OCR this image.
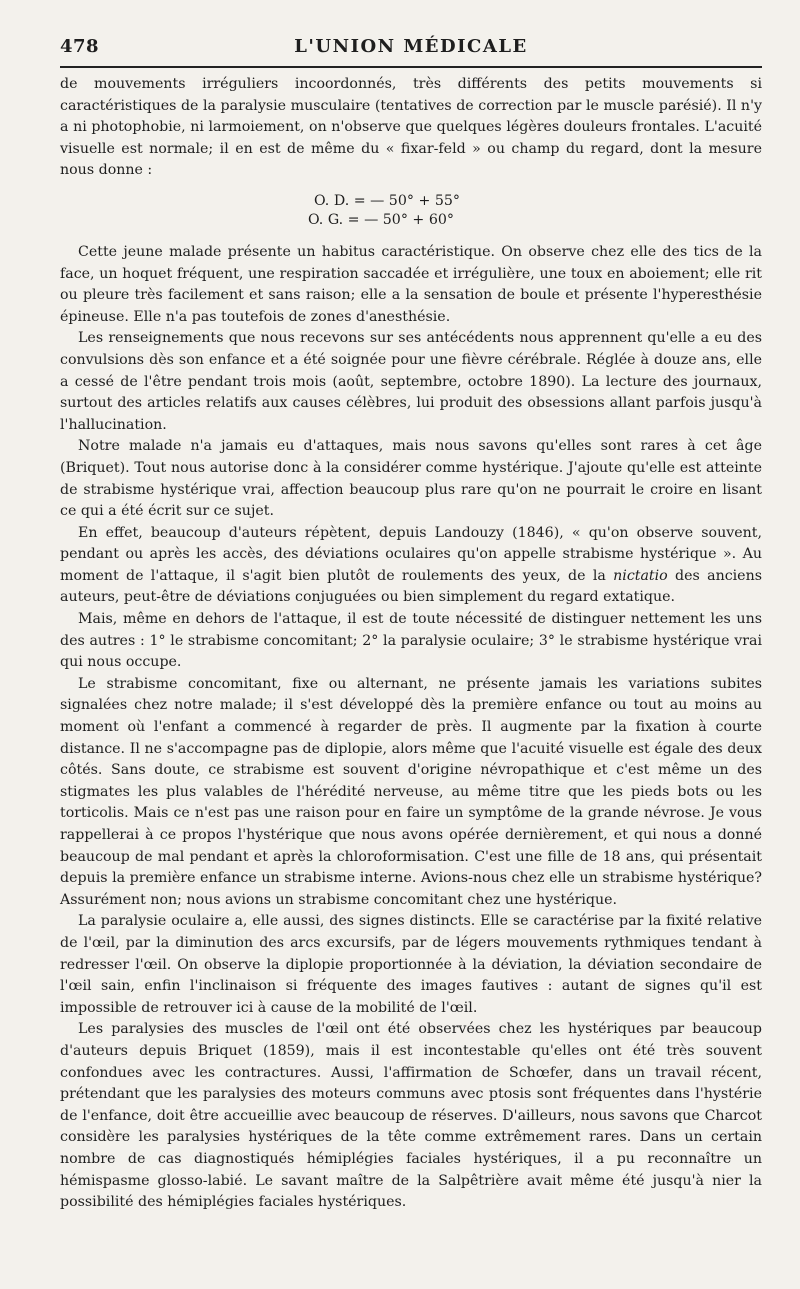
478	L'UNION MÉDICALE

de mouvements irréguliers incoordonnés, très différents des petits mouvements si caractéristiques de la paralysie musculaire (tentatives de correction par le muscle parésié). Il n'y a ni photophobie, ni larmoiement, on n'observe que quelques légères douleurs frontales. L'acuité visuelle est normale; il en est de même du « fixar-feld » ou champ du regard, dont la mesure nous donne :

O. D. = — 50° + 55°
O. G. = — 50° + 60°

Cette jeune malade présente un habitus caractéristique. On observe chez elle des tics de la face, un hoquet fréquent, une respiration saccadée et irrégulière, une toux en aboiement; elle rit ou pleure très facilement et sans raison; elle a la sensation de boule et présente l'hyperesthésie épineuse. Elle n'a pas toutefois de zones d'anesthésie.

Les renseignements que nous recevons sur ses antécédents nous apprennent qu'elle a eu des convulsions dès son enfance et a été soignée pour une fièvre cérébrale. Réglée à douze ans, elle a cessé de l'être pendant trois mois (août, septembre, octobre 1890). La lecture des journaux, surtout des articles relatifs aux causes célèbres, lui produit des obsessions allant parfois jusqu'à l'hallucination.

Notre malade n'a jamais eu d'attaques, mais nous savons qu'elles sont rares à cet âge (Briquet). Tout nous autorise donc à la considérer comme hystérique. J'ajoute qu'elle est atteinte de strabisme hystérique vrai, affection beaucoup plus rare qu'on ne pourrait le croire en lisant ce qui a été écrit sur ce sujet.

En effet, beaucoup d'auteurs répètent, depuis Landouzy (1846), « qu'on observe souvent, pendant ou après les accès, des déviations oculaires qu'on appelle strabisme hystérique ». Au moment de l'attaque, il s'agit bien plutôt de roulements des yeux, de la nictatio des anciens auteurs, peut-être de déviations conjuguées ou bien simplement du regard extatique.

Mais, même en dehors de l'attaque, il est de toute nécessité de distinguer nettement les uns des autres : 1° le strabisme concomitant; 2° la paralysie oculaire; 3° le strabisme hystérique vrai qui nous occupe.

Le strabisme concomitant, fixe ou alternant, ne présente jamais les variations subites signalées chez notre malade; il s'est développé dès la première enfance ou tout au moins au moment où l'enfant a commencé à regarder de près. Il augmente par la fixation à courte distance. Il ne s'accompagne pas de diplopie, alors même que l'acuité visuelle est égale des deux côtés. Sans doute, ce strabisme est souvent d'origine névropathique et c'est même un des stigmates les plus valables de l'hérédité nerveuse, au même titre que les pieds bots ou les torticolis. Mais ce n'est pas une raison pour en faire un symptôme de la grande névrose. Je vous rappellerai à ce propos l'hystérique que nous avons opérée dernièrement, et qui nous a donné beaucoup de mal pendant et après la chloroformisation. C'est une fille de 18 ans, qui présentait depuis la première enfance un strabisme interne. Avions-nous chez elle un strabisme hystérique? Assurément non; nous avions un strabisme concomitant chez une hystérique.

La paralysie oculaire a, elle aussi, des signes distincts. Elle se caractérise par la fixité relative de l'œil, par la diminution des arcs excursifs, par de légers mouvements rythmiques tendant à redresser l'œil. On observe la diplopie proportionnée à la déviation, la déviation secondaire de l'œil sain, enfin l'inclinaison si fréquente des images fautives : autant de signes qu'il est impossible de retrouver ici à cause de la mobilité de l'œil.

Les paralysies des muscles de l'œil ont été observées chez les hystériques par beaucoup d'auteurs depuis Briquet (1859), mais il est incontestable qu'elles ont été très souvent confondues avec les contractures. Aussi, l'affirmation de Schœfer, dans un travail récent, prétendant que les paralysies des moteurs communs avec ptosis sont fréquentes dans l'hystérie de l'enfance, doit être accueillie avec beaucoup de réserves. D'ailleurs, nous savons que Charcot considère les paralysies hystériques de la tête comme extrêmement rares. Dans un certain nombre de cas diagnostiqués hémiplégies faciales hystériques, il a pu reconnaître un hémispasme glosso-labié. Le savant maître de la Salpêtrière avait même été jusqu'à nier la possibilité des hémiplégies faciales hystériques.
